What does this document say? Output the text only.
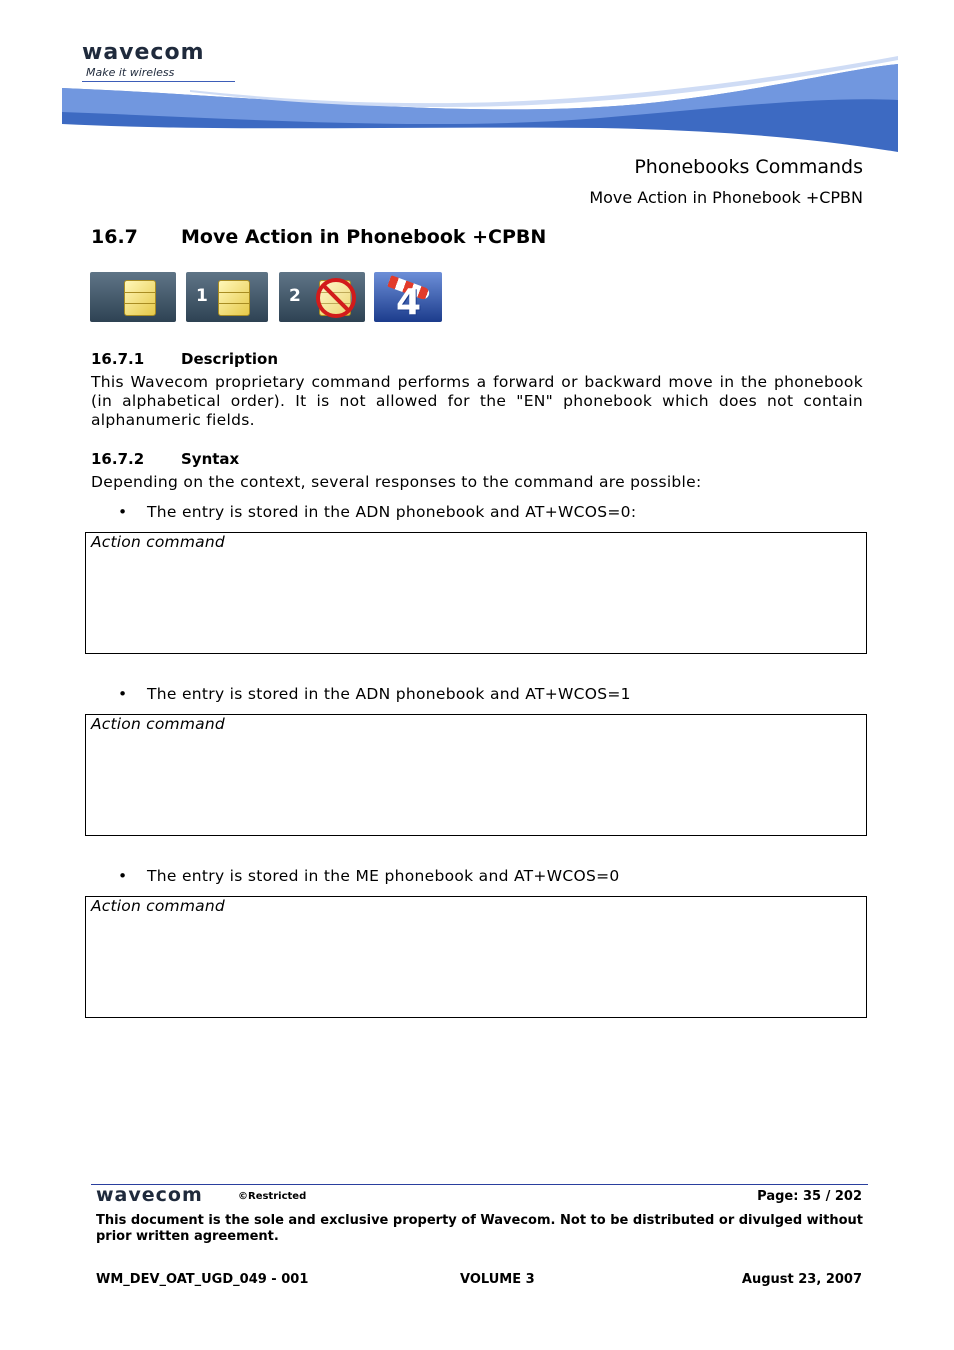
wavecom
Make it wireless
Phonebooks Commands
Move Action in Phonebook +CPBN
16.7 Move Action in Phonebook +CPBN
1	2	4
16.7.1 Description
This Wavecom proprietary command performs a forward or backward move in the phonebook (in alphabetical order). It is not allowed for the "EN" phonebook which does not contain alphanumeric fields.
16.7.2 Syntax
Depending on the context, several responses to the command are possible:
• The entry is stored in the ADN phonebook and AT+WCOS=0:
Action command
• The entry is stored in the ADN phonebook and AT+WCOS=1
Action command
• The entry is stored in the ME phonebook and AT+WCOS=0
Action command
wavecom	©Restricted	Page: 35 / 202
This document is the sole and exclusive property of Wavecom. Not to be distributed or divulged without prior written agreement.
WM_DEV_OAT_UGD_049 - 001	VOLUME 3	August 23, 2007
